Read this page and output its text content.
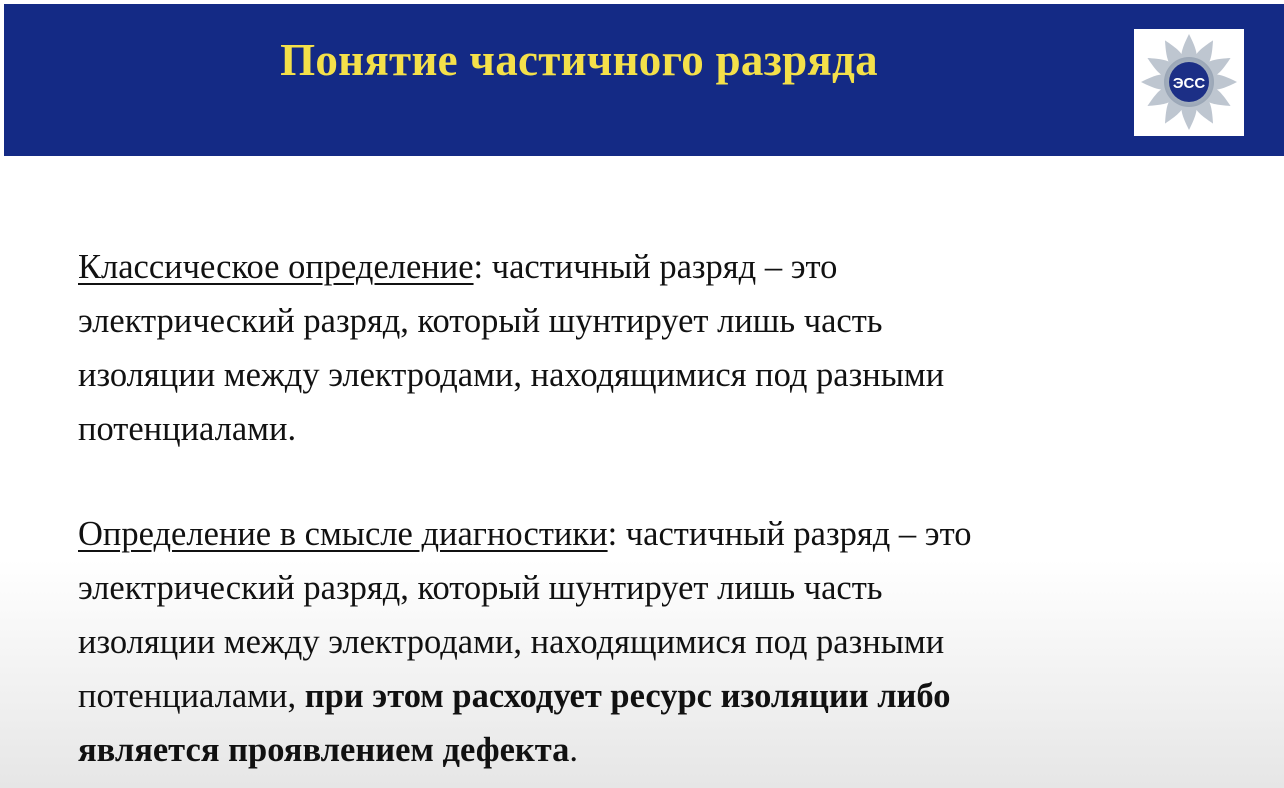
Понятие частичного разряда	ЭСС

Классическое определение: частичный разряд – это
электрический разряд, который шунтирует лишь часть
изоляции между электродами, находящимися под разными
потенциалами.

Определение в смысле диагностики: частичный разряд – это
электрический разряд, который шунтирует лишь часть
изоляции между электродами, находящимися под разными
потенциалами, при этом расходует ресурс изоляции либо
является проявлением дефекта.
